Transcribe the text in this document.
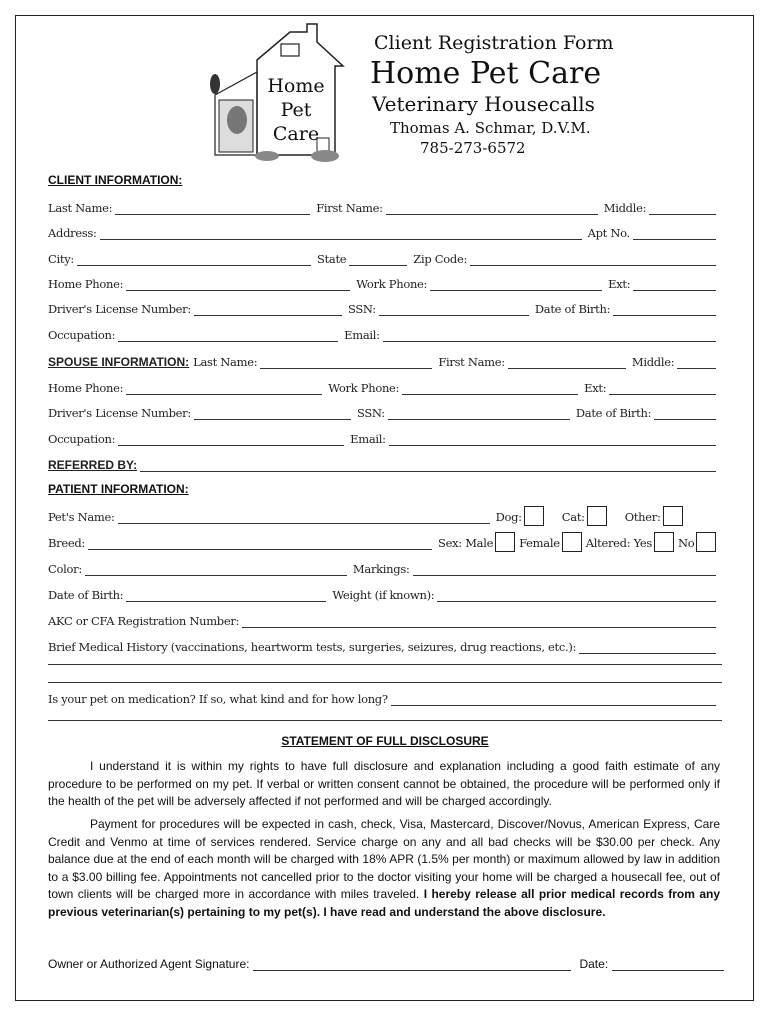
Home
Pet
Care
Client Registration Form
Home Pet Care
Veterinary Housecalls
Thomas A. Schmar, D.V.M.
785-273-6572
CLIENT INFORMATION:
Last Name:	First Name:	Middle:
Address:	Apt No.
City:	State	Zip Code:
Home Phone:	Work Phone:	Ext:
Driver's License Number:	SSN:	Date of Birth:
Occupation:	Email:
SPOUSE INFORMATION: Last Name:	First Name:	Middle:
Home Phone:	Work Phone:	Ext:
Driver's License Number:	SSN:	Date of Birth:
Occupation:	Email:
REFERRED BY:
PATIENT INFORMATION:
Pet's Name:	Dog:	Cat:	Other:
Breed:	Sex: Male Female Altered: Yes No
Color:	Markings:
Date of Birth:	Weight (if known):
AKC or CFA Registration Number:
Brief Medical History (vaccinations, heartworm tests, surgeries, seizures, drug reactions, etc.):
Is your pet on medication? If so, what kind and for how long?
STATEMENT OF FULL DISCLOSURE
I understand it is within my rights to have full disclosure and explanation including a good faith estimate of any procedure to be performed on my pet. If verbal or written consent cannot be obtained, the procedure will be performed only if the health of the pet will be adversely affected if not performed and will be charged accordingly.
Payment for procedures will be expected in cash, check, Visa, Mastercard, Discover/Novus, American Express, Care Credit and Venmo at time of services rendered. Service charge on any and all bad checks will be $30.00 per check. Any balance due at the end of each month will be charged with 18% APR (1.5% per month) or maximum allowed by law in addition to a $3.00 billing fee. Appointments not cancelled prior to the doctor visiting your home will be charged a housecall fee, out of town clients will be charged more in accordance with miles traveled. I hereby release all prior medical records from any previous veterinarian(s) pertaining to my pet(s). I have read and understand the above disclosure.
Owner or Authorized Agent Signature:	Date:
